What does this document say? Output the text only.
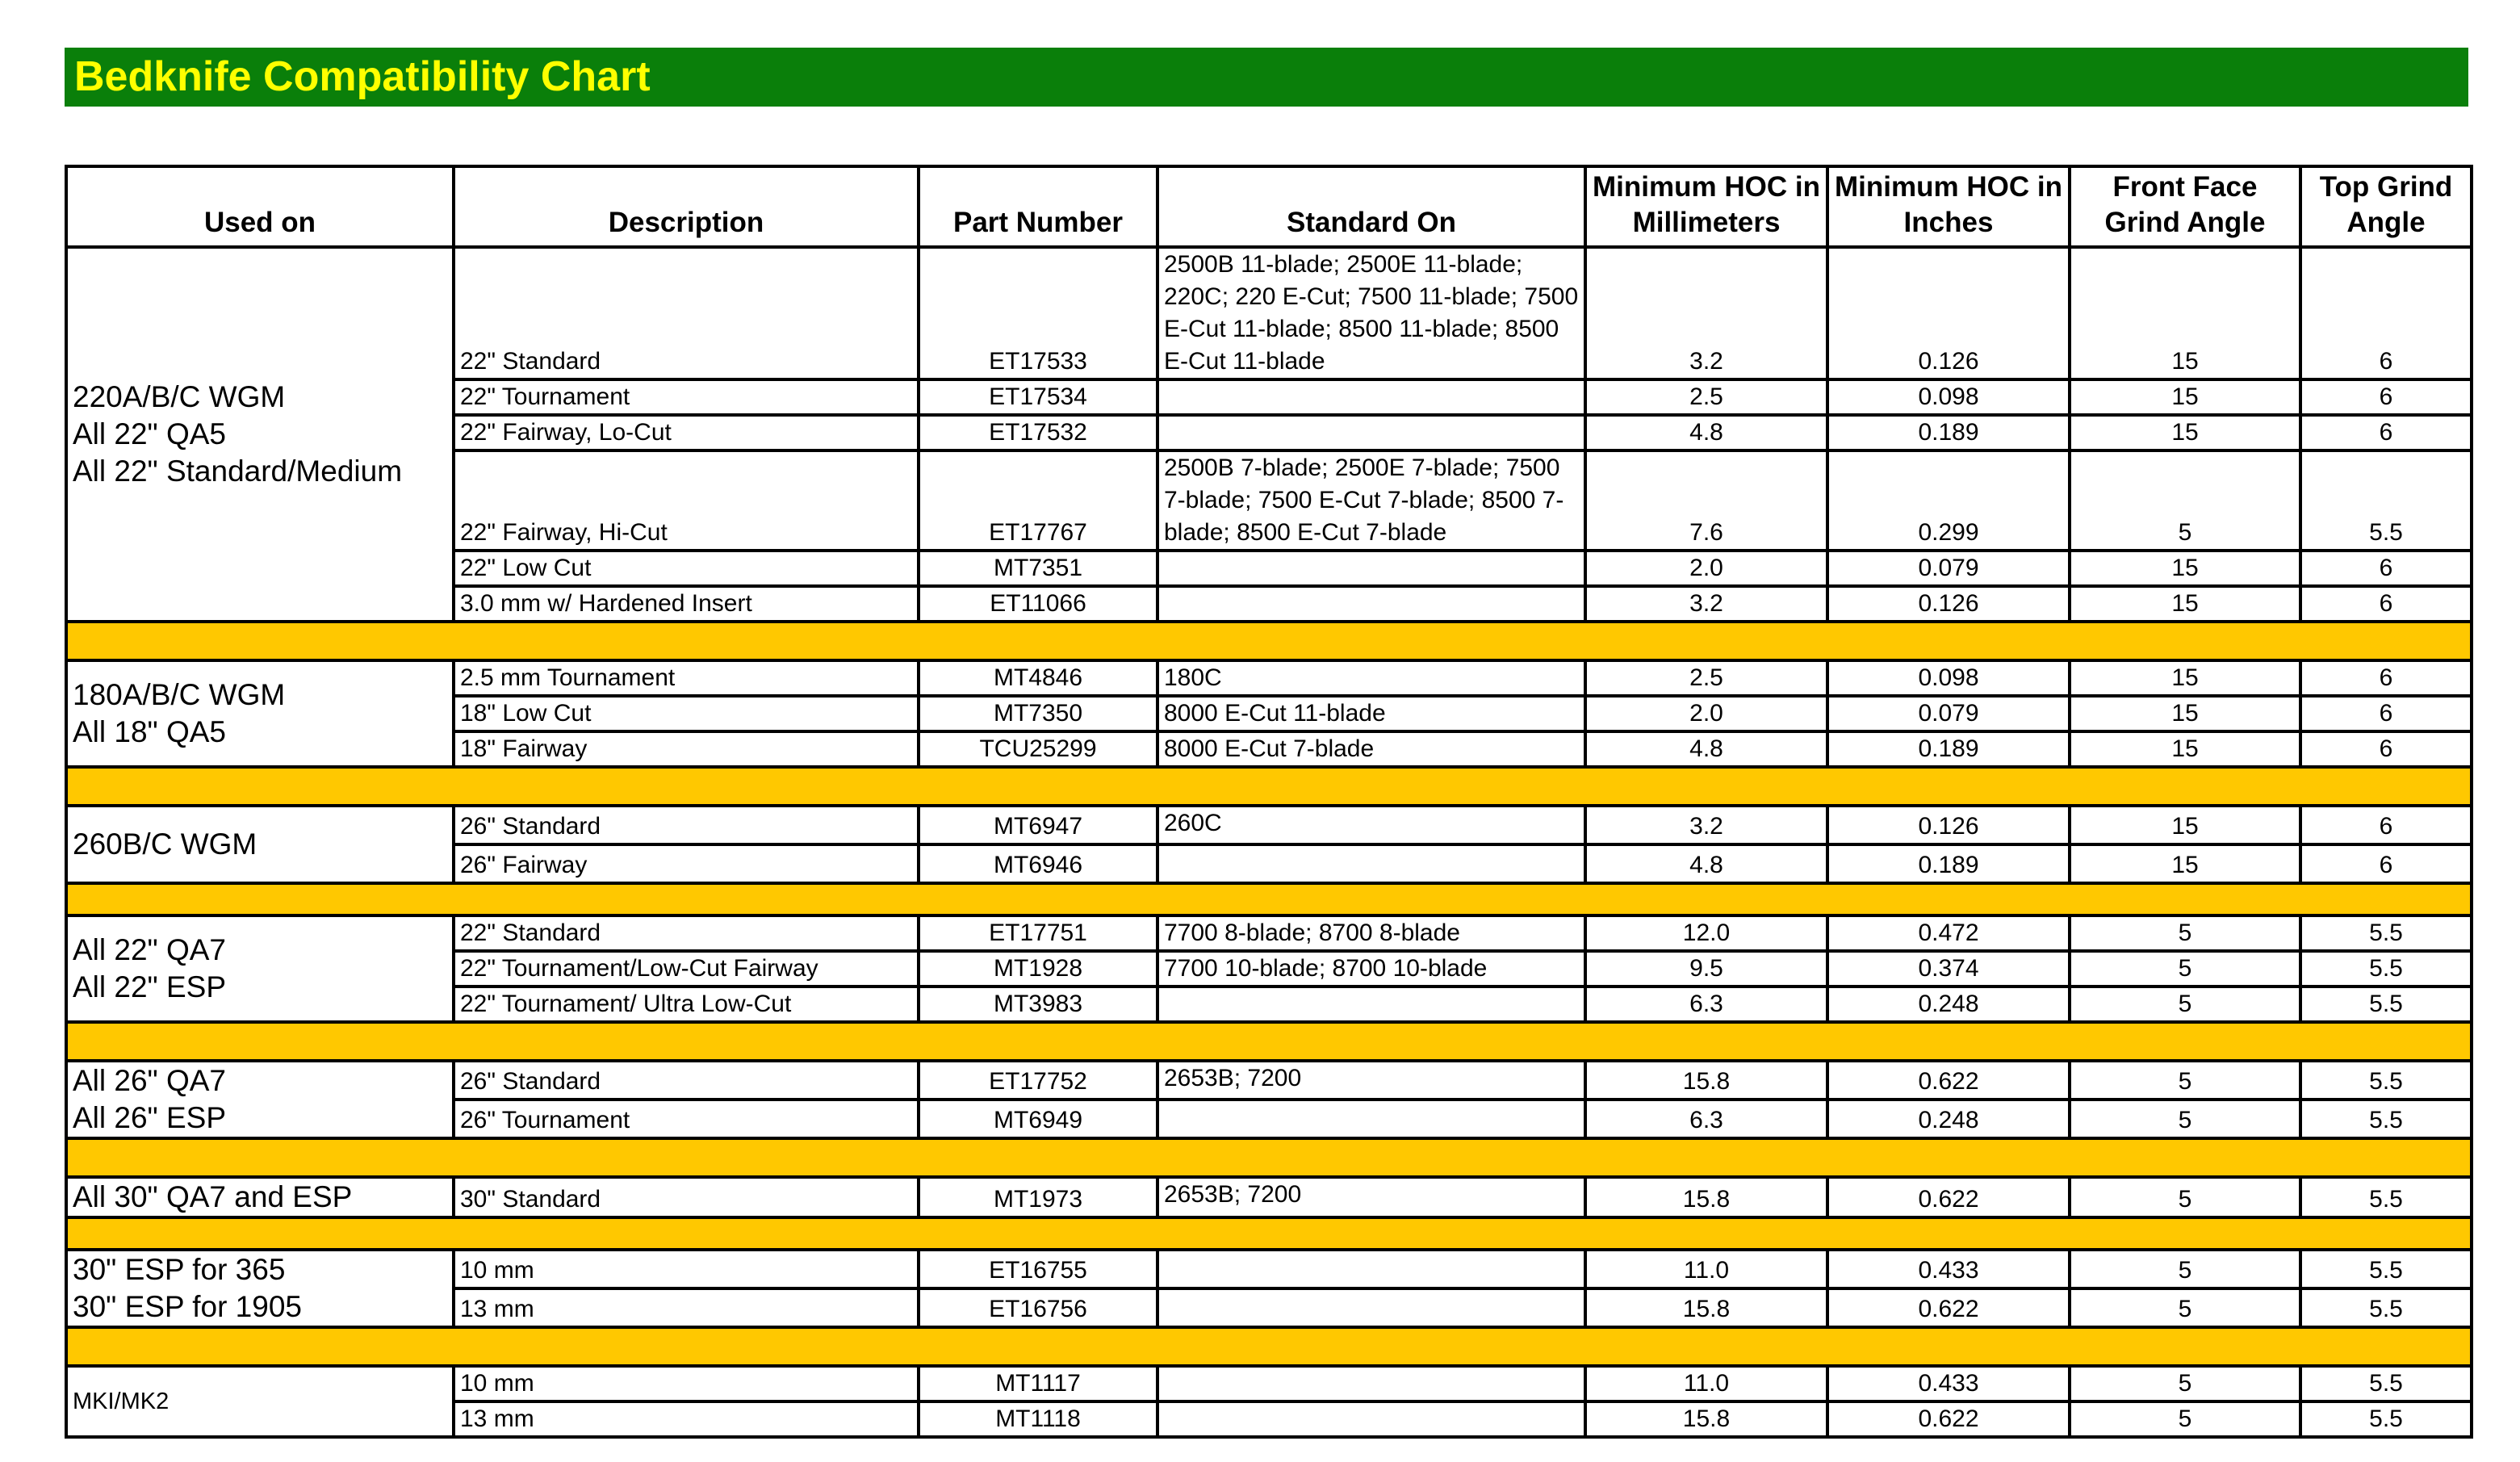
Bedknife Compatibility Chart
Used on	Description	Part Number	Standard On	Minimum HOC in Millimeters	Minimum HOC in Inches	Front Face Grind Angle	Top Grind Angle

220A/B/C WGM
All 22" QA5
All 22" Standard/Medium	22" Standard	ET17533	2500B 11-blade; 2500E 11-blade; 220C; 220 E-Cut; 7500 11-blade; 7500 E-Cut 11-blade; 8500 11-blade; 8500 E-Cut 11-blade	3.2	0.126	15	6
	22" Tournament	ET17534		2.5	0.098	15	6
	22" Fairway, Lo-Cut	ET17532		4.8	0.189	15	6
	22" Fairway, Hi-Cut	ET17767	2500B 7-blade; 2500E 7-blade; 7500 7-blade; 7500 E-Cut 7-blade; 8500 7-blade; 8500 E-Cut 7-blade	7.6	0.299	5	5.5
	22" Low Cut	MT7351		2.0	0.079	15	6
	3.0 mm w/ Hardened Insert	ET11066		3.2	0.126	15	6

180A/B/C WGM
All 18" QA5	2.5 mm Tournament	MT4846	180C	2.5	0.098	15	6
	18" Low Cut	MT7350	8000 E-Cut 11-blade	2.0	0.079	15	6
	18" Fairway	TCU25299	8000 E-Cut 7-blade	4.8	0.189	15	6

260B/C WGM	26" Standard	MT6947	260C	3.2	0.126	15	6
	26" Fairway	MT6946		4.8	0.189	15	6

All 22" QA7
All 22" ESP	22" Standard	ET17751	7700 8-blade; 8700 8-blade	12.0	0.472	5	5.5
	22" Tournament/Low-Cut Fairway	MT1928	7700 10-blade; 8700 10-blade	9.5	0.374	5	5.5
	22" Tournament/ Ultra Low-Cut	MT3983		6.3	0.248	5	5.5

All 26" QA7
All 26" ESP	26" Standard	ET17752	2653B; 7200	15.8	0.622	5	5.5
	26" Tournament	MT6949		6.3	0.248	5	5.5

All 30" QA7 and ESP	30" Standard	MT1973	2653B; 7200	15.8	0.622	5	5.5

30" ESP for 365
30" ESP for 1905	10 mm	ET16755		11.0	0.433	5	5.5
	13 mm	ET16756		15.8	0.622	5	5.5

MKI/MK2	10 mm	MT1117		11.0	0.433	5	5.5
	13 mm	MT1118		15.8	0.622	5	5.5
